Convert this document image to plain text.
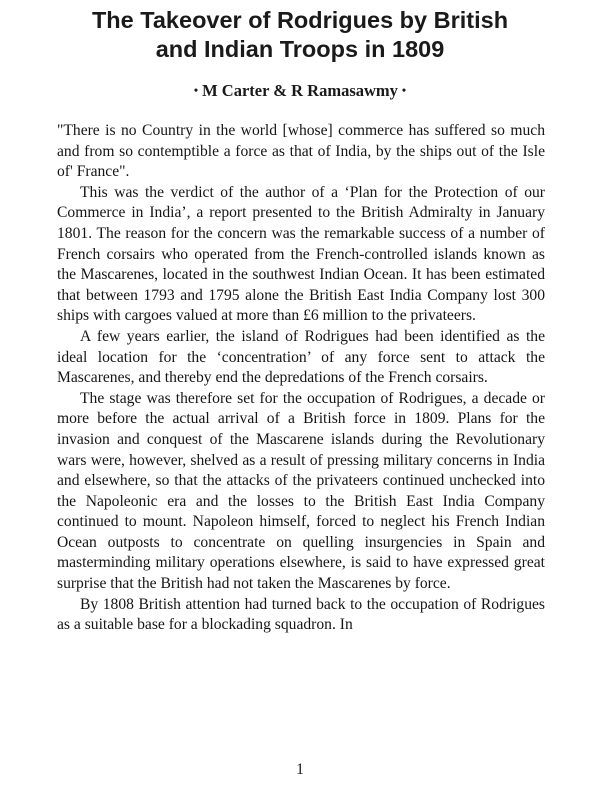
The Takeover of Rodrigues by British
and Indian Troops in 1809
• M Carter & R Ramasawmy •

"There is no Country in the world [whose] commerce has suffered so much and from so contemptible a force as that of India, by the ships out of the Isle of' France".

This was the verdict of the author of a ‘Plan for the Protection of our Commerce in India’, a report presented to the British Admiralty in January 1801. The reason for the concern was the remarkable success of a number of French corsairs who operated from the French-controlled islands known as the Mascarenes, located in the southwest Indian Ocean. It has been estimated that between 1793 and 1795 alone the British East India Company lost 300 ships with cargoes valued at more than £6 million to the privateers.

A few years earlier, the island of Rodrigues had been identified as the ideal location for the ‘concentration’ of any force sent to attack the Mascarenes, and thereby end the depredations of the French corsairs.

The stage was therefore set for the occupation of Rodrigues, a decade or more before the actual arrival of a British force in 1809. Plans for the invasion and conquest of the Mascarene islands during the Revolutionary wars were, however, shelved as a result of pressing military concerns in India and elsewhere, so that the attacks of the privateers continued unchecked into the Napoleonic era and the losses to the British East India Company continued to mount. Napoleon himself, forced to neglect his French Indian Ocean outposts to concentrate on quelling insurgencies in Spain and masterminding military operations elsewhere, is said to have expressed great surprise that the British had not taken the Mascarenes by force.

By 1808 British attention had turned back to the occupation of Rodrigues as a suitable base for a blockading squadron. In

1
